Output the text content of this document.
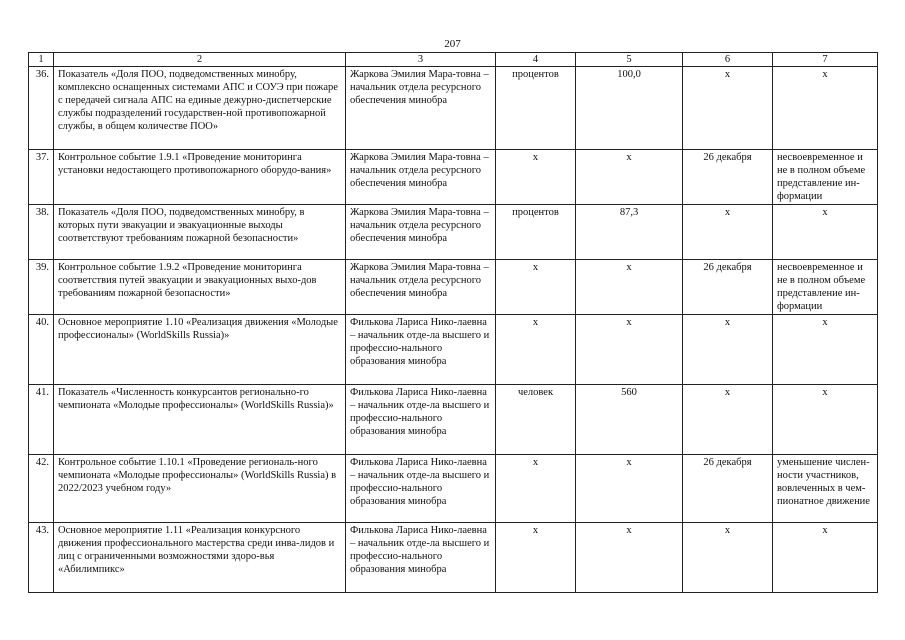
207
1	2	3	4	5	6	7
36.	Показатель «Доля ПОО, подведомственных минобру, комплексно оснащенных системами АПС и СОУЭ при пожаре с передачей сигнала АПС на единые дежурно-диспетчерские службы подразделений государствен-ной противопожарной службы, в общем количестве ПОО»	Жаркова Эмилия Мара-товна – начальник отдела ресурсного обеспечения минобра	процентов	100,0	х	х
37.	Контрольное событие 1.9.1 «Проведение мониторинга установки недостающего противопожарного оборудо-вания»	Жаркова Эмилия Мара-товна – начальник отдела ресурсного обеспечения минобра	х	х	26 декабря	несвоевременное и не в полном объеме представление ин-формации
38.	Показатель «Доля ПОО, подведомственных минобру, в которых пути эвакуации и эвакуационные выходы соответствуют требованиям пожарной безопасности»	Жаркова Эмилия Мара-товна – начальник отдела ресурсного обеспечения минобра	процентов	87,3	х	х
39.	Контрольное событие 1.9.2 «Проведение мониторинга соответствия путей эвакуации и эвакуационных выхо-дов требованиям пожарной безопасности»	Жаркова Эмилия Мара-товна – начальник отдела ресурсного обеспечения минобра	х	х	26 декабря	несвоевременное и не в полном объеме представление ин-формации
40.	Основное мероприятие 1.10 «Реализация движения «Молодые профессионалы» (WorldSkills Russia)»	Филькова Лариса Нико-лаевна – начальник отде-ла высшего и профессио-нального образования минобра	х	х	х	х
41.	Показатель «Численность конкурсантов регионально-го чемпионата «Молодые профессионалы» (WorldSkills Russia)»	Филькова Лариса Нико-лаевна – начальник отде-ла высшего и профессио-нального образования минобра	человек	560	х	х
42.	Контрольное событие 1.10.1 «Проведение региональ-ного чемпионата «Молодые профессионалы» (WorldSkills Russia) в 2022/2023 учебном году»	Филькова Лариса Нико-лаевна – начальник отде-ла высшего и профессио-нального образования минобра	х	х	26 декабря	уменьшение числен-ности участников, вовлеченных в чем-пионатное движение
43.	Основное мероприятие 1.11 «Реализация конкурсного движения профессионального мастерства среди инва-лидов и лиц с ограниченными возможностями здоро-вья «Абилимпикс»	Филькова Лариса Нико-лаевна – начальник отде-ла высшего и профессио-нального образования минобра	х	х	х	х
